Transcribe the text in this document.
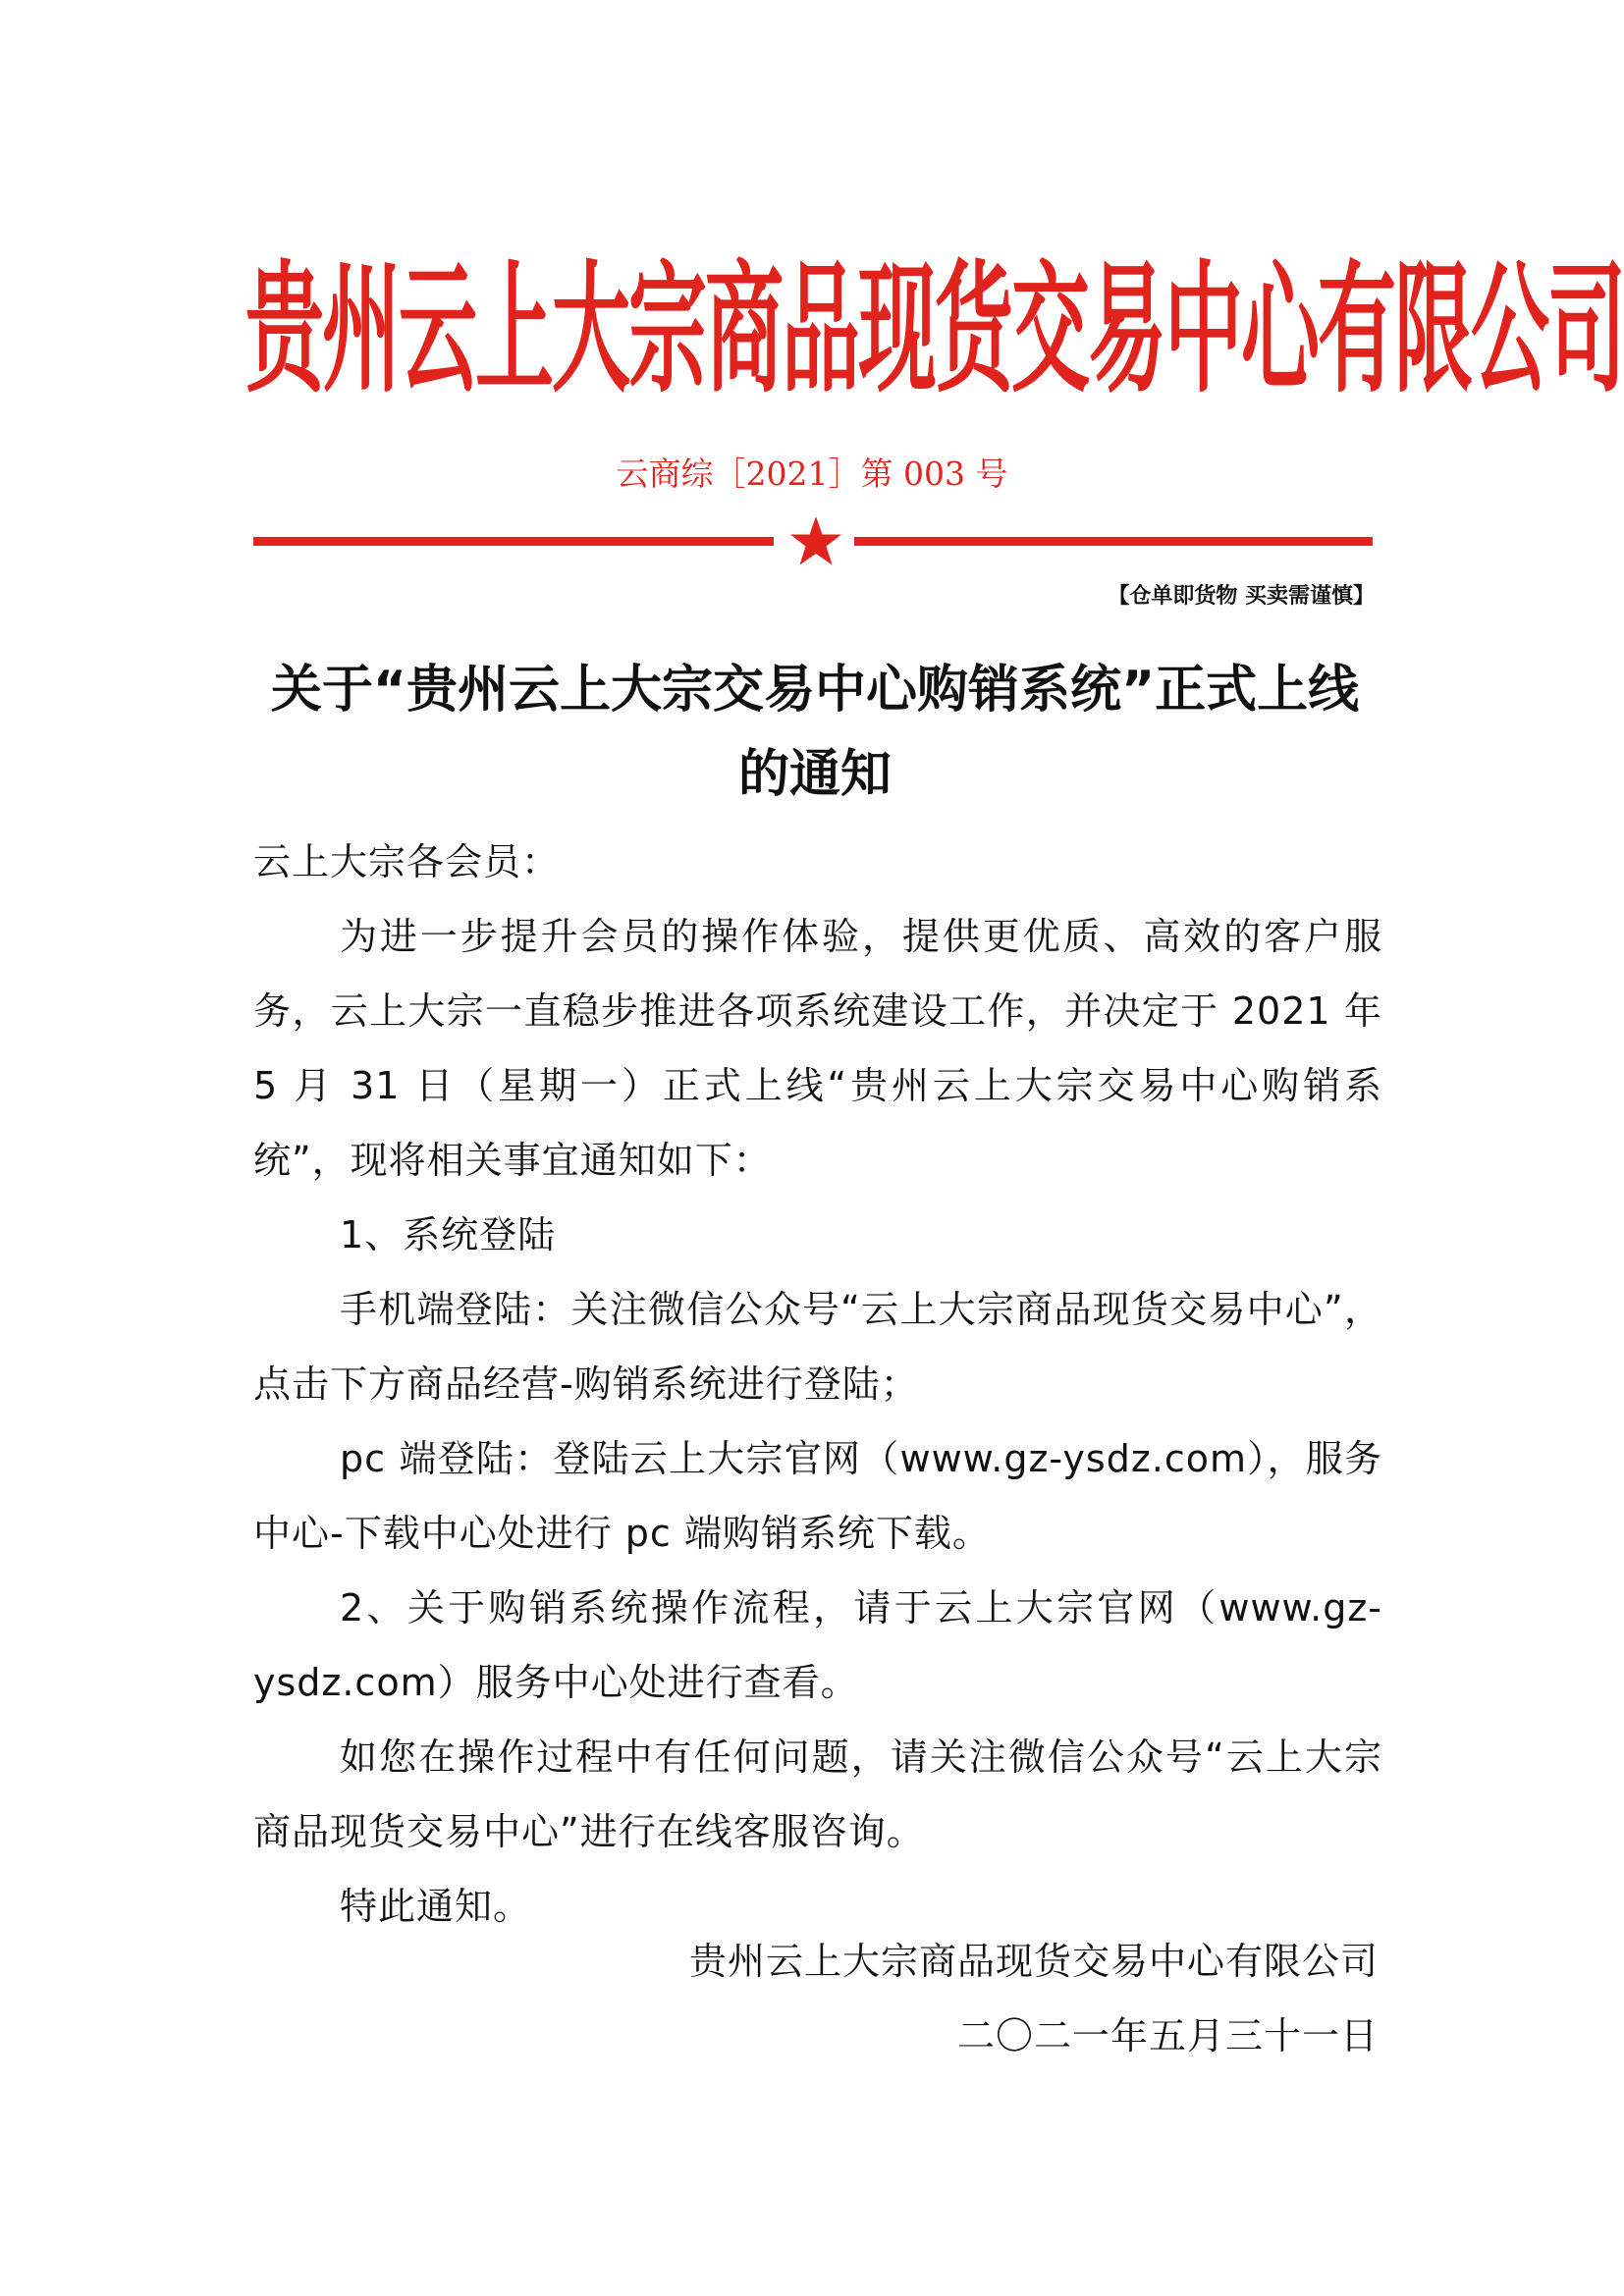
贵州云上大宗商品现货交易中心有限公司
云商综［2021］第 003 号
【仓单即货物 买卖需谨慎】
关于“贵州云上大宗交易中心购销系统”正式上线的通知

云上大宗各会员：

为进一步提升会员的操作体验，提供更优质、高效的客户服务，云上大宗一直稳步推进各项系统建设工作，并决定于 2021 年 5 月 31 日（星期一）正式上线“贵州云上大宗交易中心购销系统”，现将相关事宜通知如下：

1、系统登陆

手机端登陆：关注微信公众号“云上大宗商品现货交易中心”，点击下方商品经营-购销系统进行登陆；

pc 端登陆：登陆云上大宗官网（www.gz-ysdz.com），服务中心-下载中心处进行 pc 端购销系统下载。

2、关于购销系统操作流程，请于云上大宗官网（www.gz-ysdz.com）服务中心处进行查看。

如您在操作过程中有任何问题，请关注微信公众号“云上大宗商品现货交易中心”进行在线客服咨询。

特此通知。

贵州云上大宗商品现货交易中心有限公司
二〇二一年五月三十一日
